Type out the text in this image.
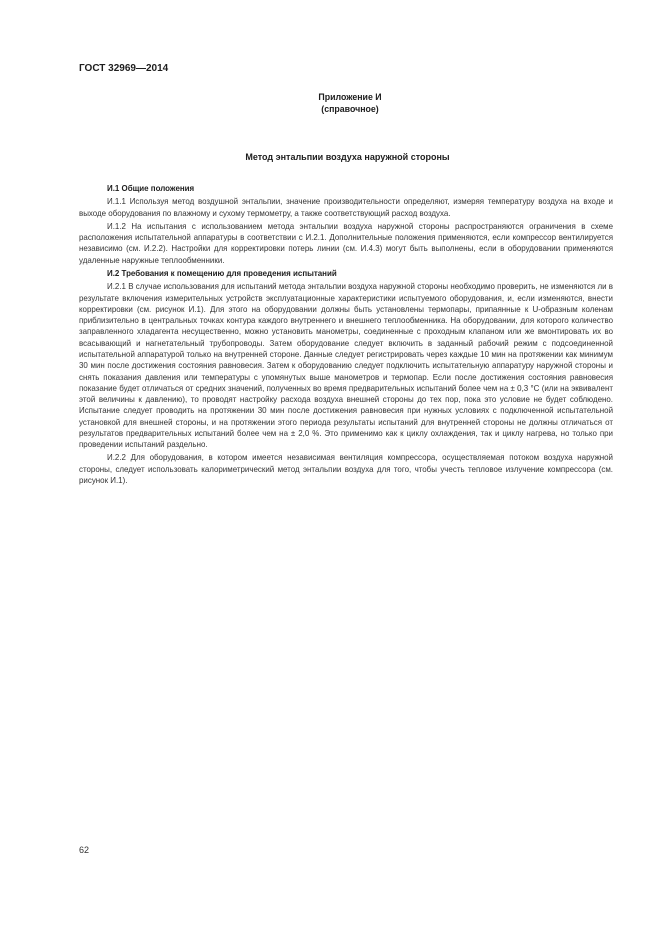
ГОСТ 32969—2014
Приложение И
(справочное)
Метод энтальпии воздуха наружной стороны
И.1 Общие положения

И.1.1 Используя метод воздушной энтальпии, значение производительности определяют, измеряя температуру воздуха на входе и выходе оборудования по влажному и сухому термометру, а также соответствующий расход воздуха.

И.1.2 На испытания с использованием метода энтальпии воздуха наружной стороны распространяются ограничения в схеме расположения испытательной аппаратуры в соответствии с И.2.1. Дополнительные положения применяются, если компрессор вентилируется независимо (см. И.2.2). Настройки для корректировки потерь линии (см. И.4.3) могут быть выполнены, если в оборудовании применяются удаленные наружные теплообменники.

И.2 Требования к помещению для проведения испытаний

И.2.1 В случае использования для испытаний метода энтальпии воздуха наружной стороны необходимо проверить, не изменяются ли в результате включения измерительных устройств эксплуатационные характеристики испытуемого оборудования, и, если изменяются, внести корректировки (см. рисунок И.1). Для этого на оборудовании должны быть установлены термопары, припаянные к U-образным коленам приблизительно в центральных точках контура каждого внутреннего и внешнего теплообменника. На оборудовании, для которого количество заправленного хладагента несущественно, можно установить манометры, соединенные с проходным клапаном или же вмонтировать их во всасывающий и нагнетательный трубопроводы. Затем оборудование следует включить в заданный рабочий режим с подсоединенной испытательной аппаратурой только на внутренней стороне. Данные следует регистрировать через каждые 10 мин на протяжении как минимум 30 мин после достижения состояния равновесия. Затем к оборудованию следует подключить испытательную аппаратуру наружной стороны и снять показания давления или температуры с упомянутых выше манометров и термопар. Если после достижения состояния равновесия показание будет отличаться от средних значений, полученных во время предварительных испытаний более чем на ± 0,3 °С (или на эквивалент этой величины к давлению), то проводят настройку расхода воздуха внешней стороны до тех пор, пока это условие не будет соблюдено. Испытание следует проводить на протяжении 30 мин после достижения равновесия при нужных условиях с подключенной испытательной установкой для внешней стороны, и на протяжении этого периода результаты испытаний для внутренней стороны не должны отличаться от результатов предварительных испытаний более чем на ± 2,0 %. Это применимо как к циклу охлаждения, так и циклу нагрева, но только при проведении испытаний раздельно.

И.2.2 Для оборудования, в котором имеется независимая вентиляция компрессора, осуществляемая потоком воздуха наружной стороны, следует использовать калориметрический метод энтальпии воздуха для того, чтобы учесть тепловое излучение компрессора (см. рисунок И.1).

62
